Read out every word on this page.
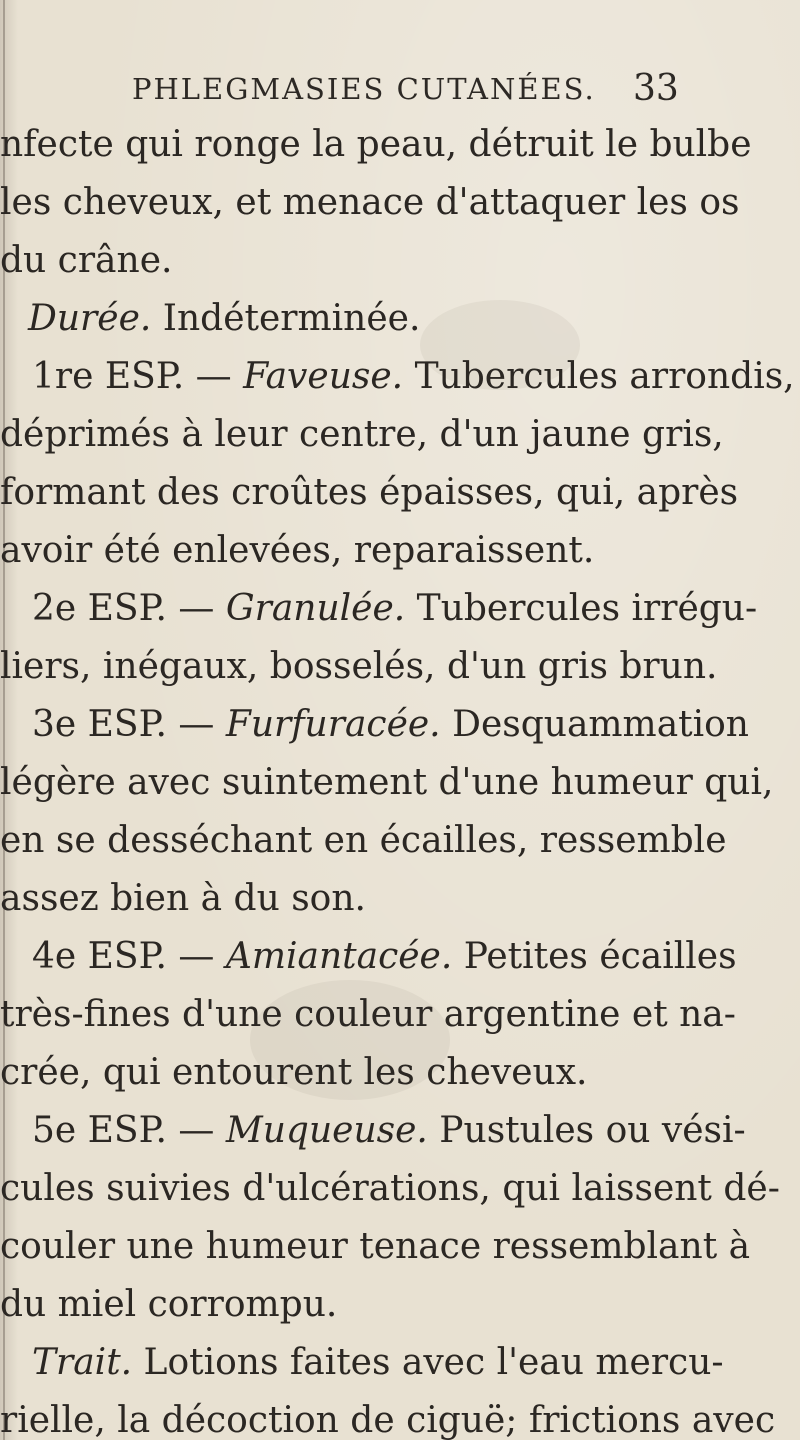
PHLEGMASIES CUTANÉES. 33
nfecte qui ronge la peau, détruit le bulbe
les cheveux, et menace d'attaquer les os
du crâne.
Durée. Indéterminée.
1re ESP. — Faveuse. Tubercules arrondis,
déprimés à leur centre, d'un jaune gris,
formant des croûtes épaisses, qui, après
avoir été enlevées, reparaissent.
2e ESP. — Granulée. Tubercules irrégu-
liers, inégaux, bosselés, d'un gris brun.
3e ESP. — Furfuracée. Desquammation
légère avec suintement d'une humeur qui,
en se desséchant en écailles, ressemble
assez bien à du son.
4e ESP. — Amiantacée. Petites écailles
très-fines d'une couleur argentine et na-
crée, qui entourent les cheveux.
5e ESP. — Muqueuse. Pustules ou vési-
cules suivies d'ulcérations, qui laissent dé-
couler une humeur tenace ressemblant à
du miel corrompu.
Trait. Lotions faites avec l'eau mercu-
rielle, la décoction de ciguë; frictions avec
